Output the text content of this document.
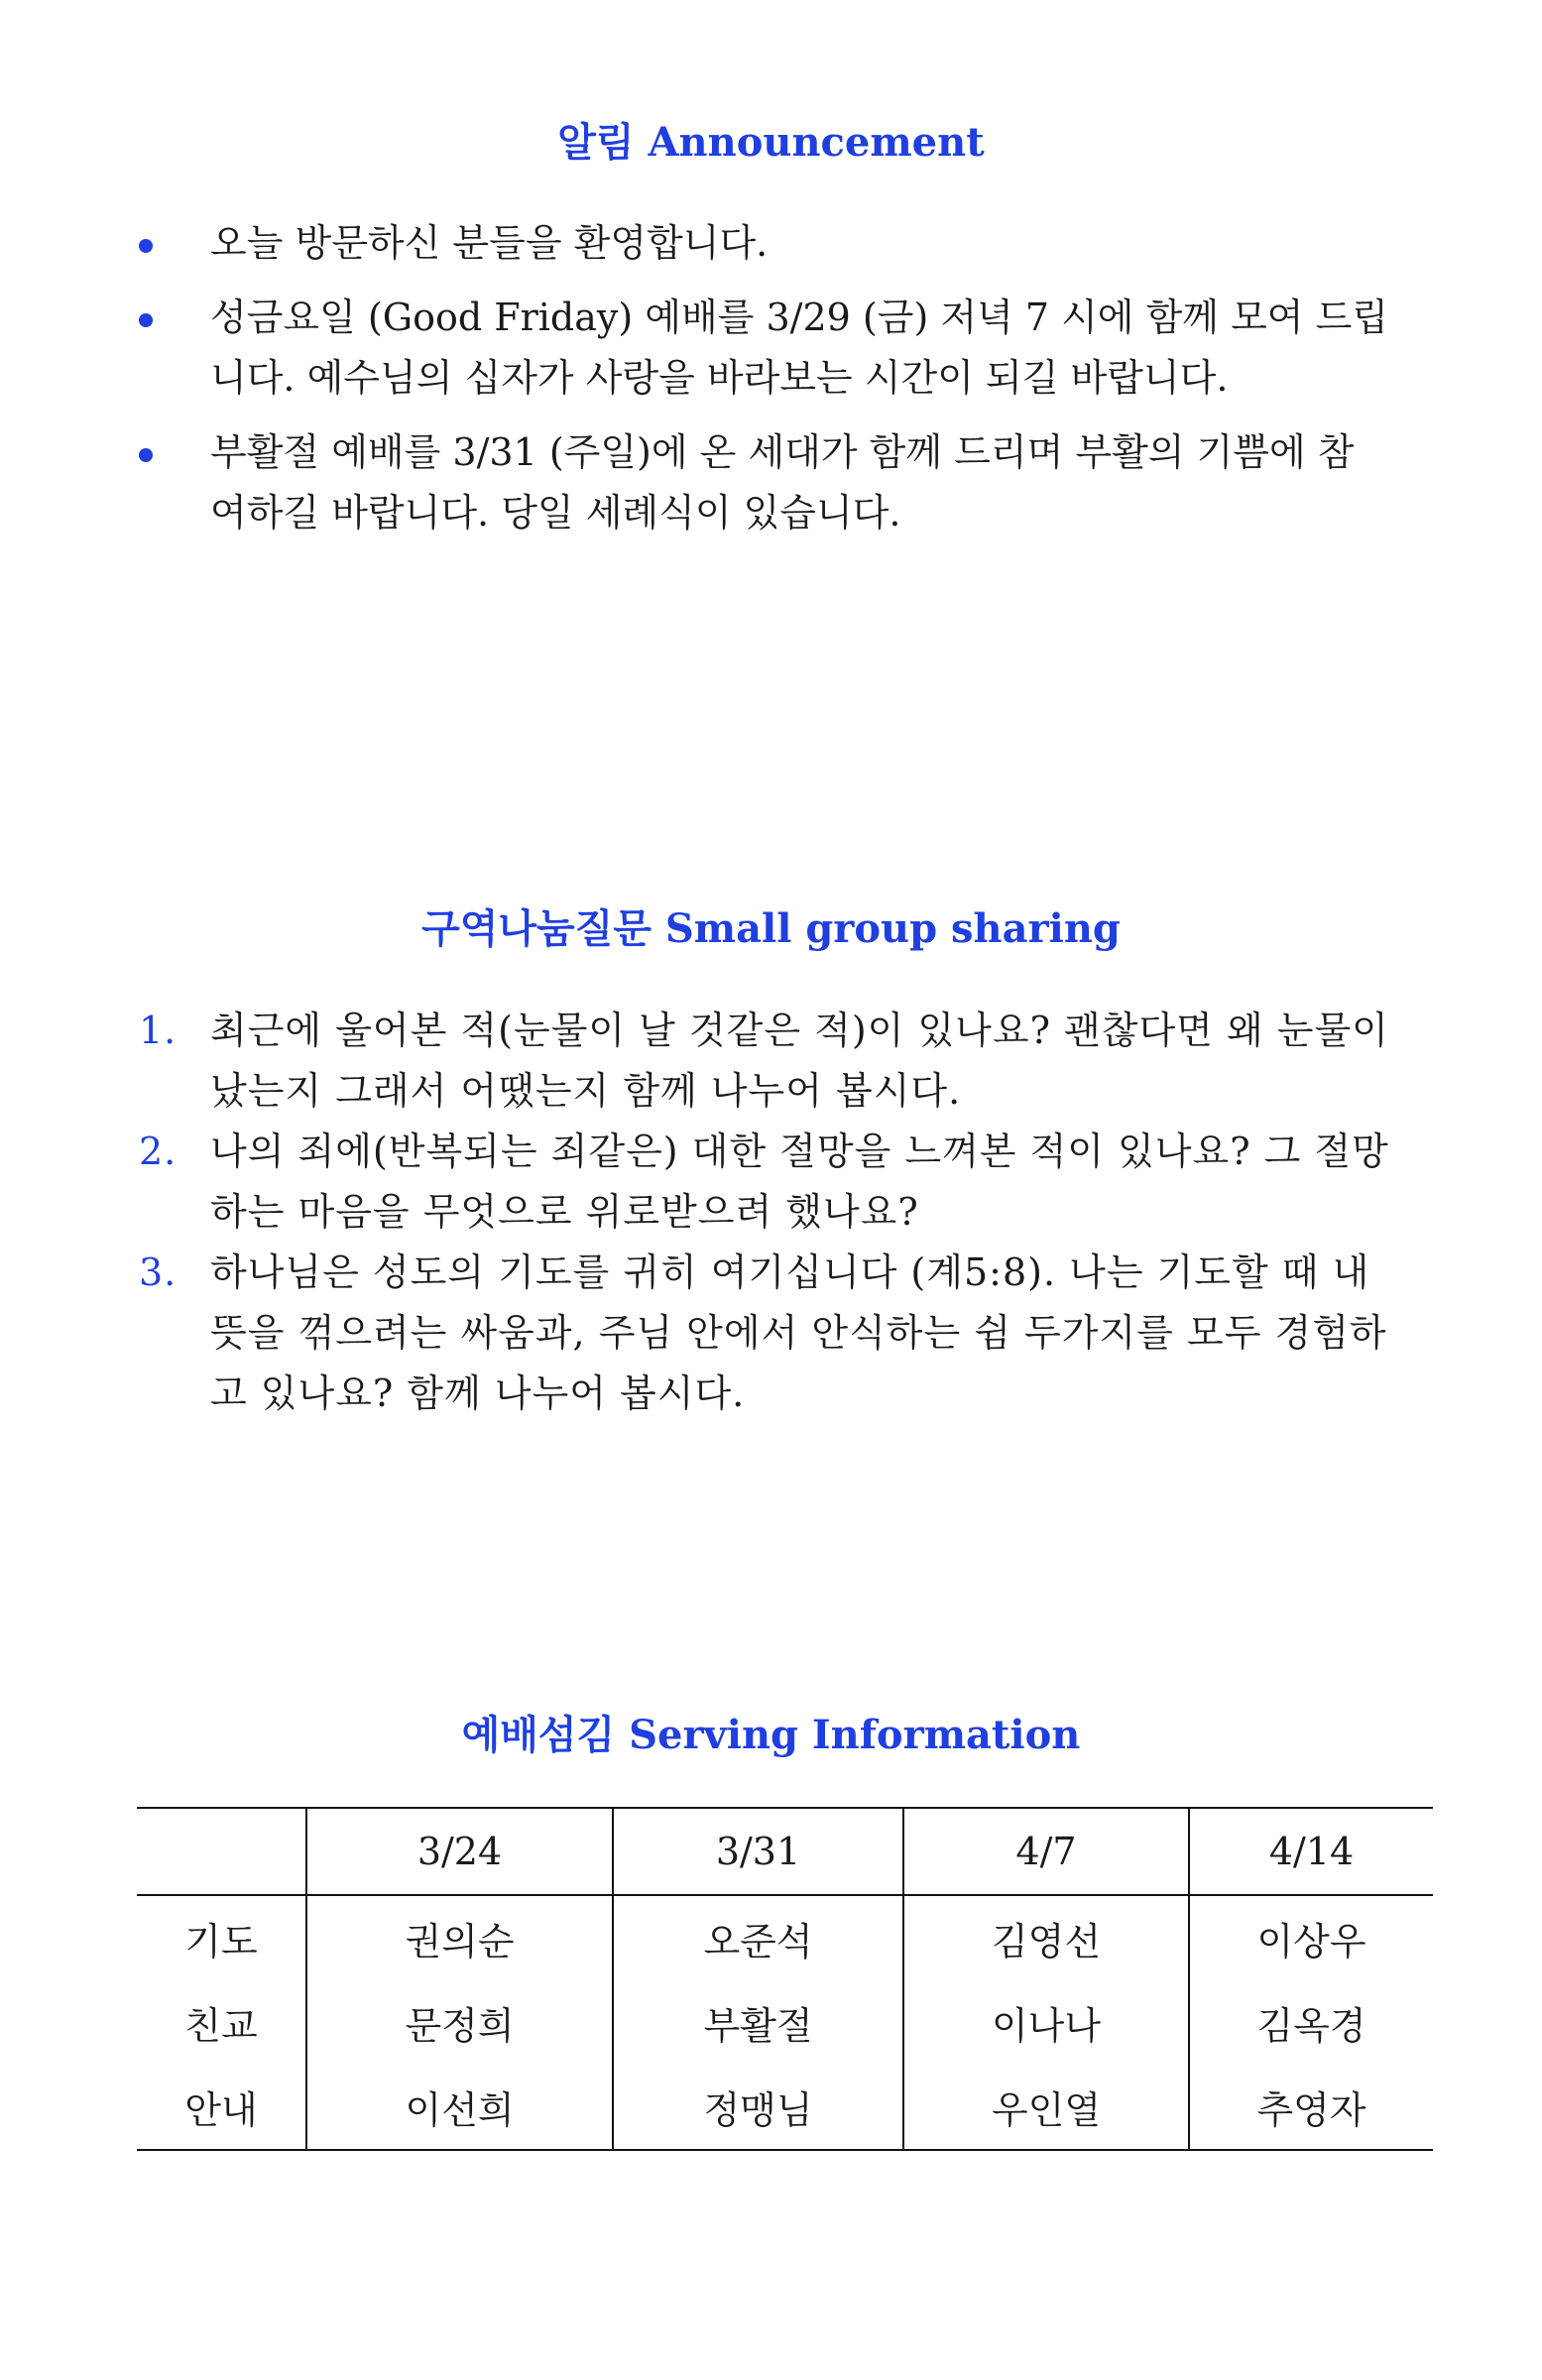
알림 Announcement
오늘 방문하신 분들을 환영합니다.
성금요일 (Good Friday) 예배를 3/29 (금) 저녁 7 시에 함께 모여 드립니다. 예수님의 십자가 사랑을 바라보는 시간이 되길 바랍니다.
부활절 예배를 3/31 (주일)에 온 세대가 함께 드리며 부활의 기쁨에 참여하길 바랍니다. 당일 세례식이 있습니다.
구역나눔질문 Small group sharing
1. 최근에 울어본 적(눈물이 날 것같은 적)이 있나요? 괜찮다면 왜 눈물이 났는지 그래서 어땠는지 함께 나누어 봅시다.
2. 나의 죄에(반복되는 죄같은) 대한 절망을 느껴본 적이 있나요? 그 절망하는 마음을 무엇으로 위로받으려 했나요?
3. 하나님은 성도의 기도를 귀히 여기십니다 (계5:8). 나는 기도할 때 내 뜻을 꺾으려는 싸움과, 주님 안에서 안식하는 쉼 두가지를 모두 경험하고 있나요? 함께 나누어 봅시다.
예배섬김 Serving Information
	3/24	3/31	4/7	4/14
기도	권의순	오준석	김영선	이상우
친교	문정희	부활절	이나나	김옥경
안내	이선희	정맹님	우인열	추영자
